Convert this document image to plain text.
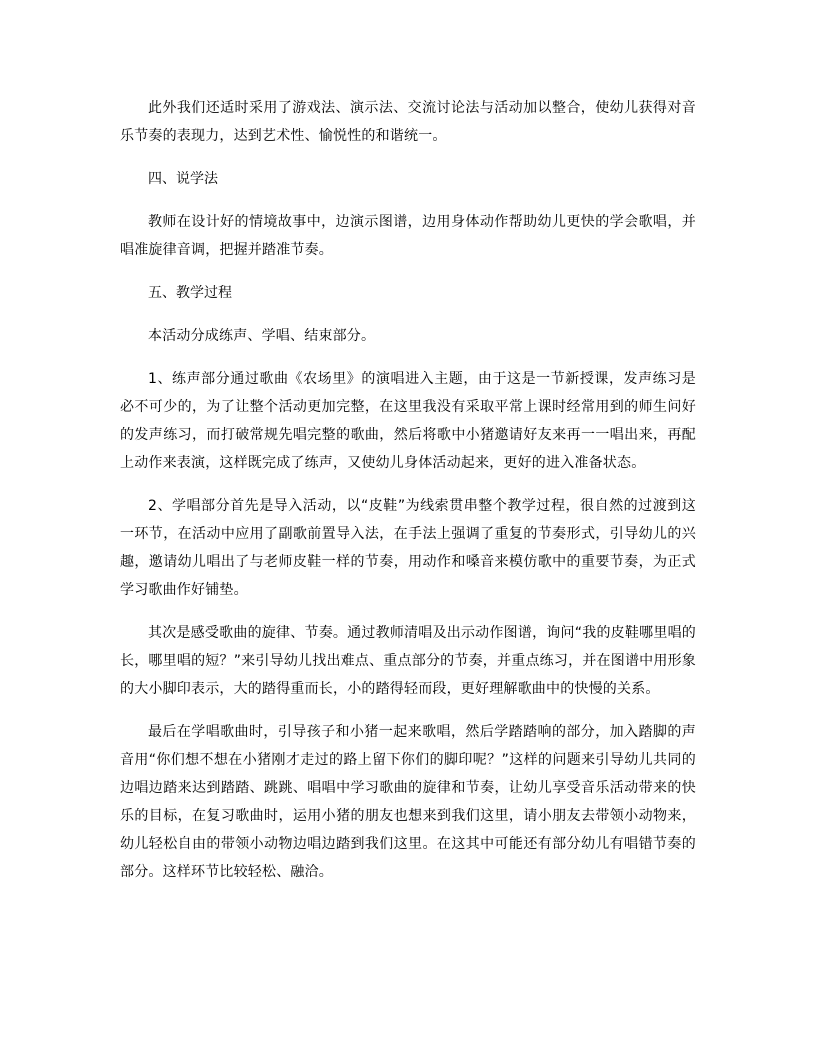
此外我们还适时采用了游戏法、演示法、交流讨论法与活动加以整合，使幼儿获得对音乐节奏的表现力，达到艺术性、愉悦性的和谐统一。

四、说学法

教师在设计好的情境故事中，边演示图谱，边用身体动作帮助幼儿更快的学会歌唱，并唱准旋律音调，把握并踏准节奏。

五、教学过程

本活动分成练声、学唱、结束部分。

1、练声部分通过歌曲《农场里》的演唱进入主题，由于这是一节新授课，发声练习是必不可少的，为了让整个活动更加完整，在这里我没有采取平常上课时经常用到的师生问好的发声练习，而打破常规先唱完整的歌曲，然后将歌中小猪邀请好友来再一一唱出来，再配上动作来表演，这样既完成了练声，又使幼儿身体活动起来，更好的进入准备状态。

2、学唱部分首先是导入活动，以“皮鞋”为线索贯串整个教学过程，很自然的过渡到这一环节，在活动中应用了副歌前置导入法，在手法上强调了重复的节奏形式，引导幼儿的兴趣，邀请幼儿唱出了与老师皮鞋一样的节奏，用动作和嗓音来模仿歌中的重要节奏，为正式学习歌曲作好铺垫。

其次是感受歌曲的旋律、节奏。通过教师清唱及出示动作图谱，询问“我的皮鞋哪里唱的长，哪里唱的短？”来引导幼儿找出难点、重点部分的节奏，并重点练习，并在图谱中用形象的大小脚印表示，大的踏得重而长，小的踏得轻而段，更好理解歌曲中的快慢的关系。

最后在学唱歌曲时，引导孩子和小猪一起来歌唱，然后学踏踏响的部分，加入踏脚的声音用“你们想不想在小猪刚才走过的路上留下你们的脚印呢？”这样的问题来引导幼儿共同的边唱边踏来达到踏踏、跳跳、唱唱中学习歌曲的旋律和节奏，让幼儿享受音乐活动带来的快乐的目标，在复习歌曲时，运用小猪的朋友也想来到我们这里，请小朋友去带领小动物来，幼儿轻松自由的带领小动物边唱边踏到我们这里。在这其中可能还有部分幼儿有唱错节奏的部分。这样环节比较轻松、融洽。
